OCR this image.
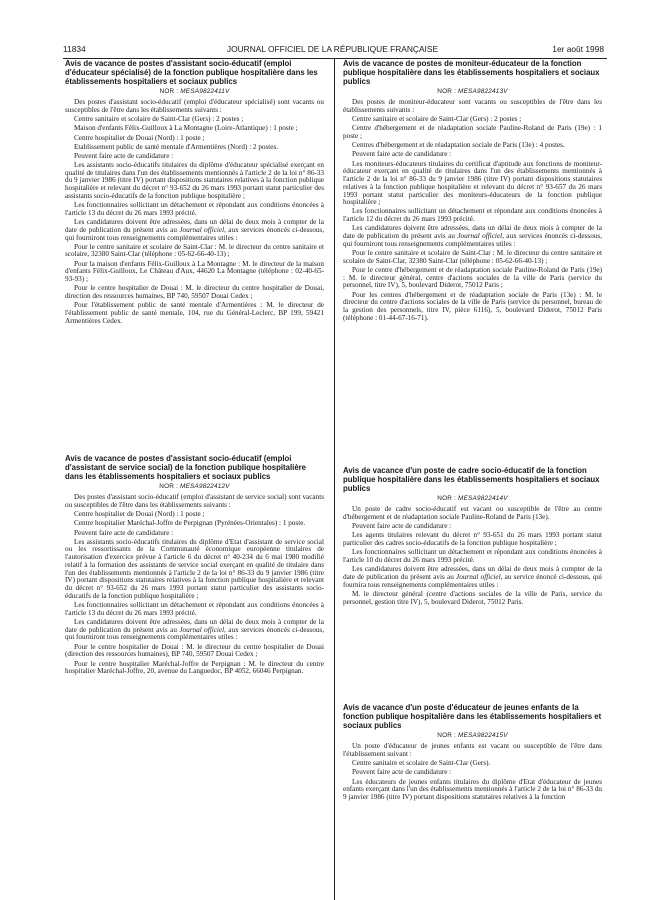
11834	JOURNAL OFFICIEL DE LA RÉPUBLIQUE FRANÇAISE	1er août 1998

Avis de vacance de postes d'assistant socio-éducatif (emploi d'éducateur spécialisé) de la fonction publique hospitalière dans les établissements hospitaliers et sociaux publics

NOR : MESA9822411V

Des postes d'assistant socio-éducatif (emploi d'éducateur spécialisé) sont vacants ou susceptibles de l'être dans les établissements suivants :

Centre sanitaire et scolaire de Saint-Clar (Gers) : 2 postes ;

Maison d'enfants Félix-Guilloux à La Montagne (Loire-Atlantique) : 1 poste ;

Centre hospitalier de Douai (Nord) : 1 poste ;

Etablissement public de santé mentale d'Armentières (Nord) : 2 postes.

Peuvent faire acte de candidature :

Les assistants socio-éducatifs titulaires du diplôme d'éducateur spécialisé exerçant en qualité de titulaires dans l'un des établissements mentionnés à l'article 2 de la loi n° 86-33 du 9 janvier 1986 (titre IV) portant dispositions statutaires relatives à la fonction publique hospitalière et relevant du décret n° 93-652 du 26 mars 1993 portant statut particulier des assistants socio-éducatifs de la fonction publique hospitalière ;

Les fonctionnaires sollicitant un détachement et répondant aux conditions énoncées à l'article 13 du décret du 26 mars 1993 précité.

Les candidatures doivent être adressées, dans un délai de deux mois à compter de la date de publication du présent avis au Journal officiel, aux services énoncés ci-dessous, qui fourniront tous renseignements complémentaires utiles :

Pour le centre sanitaire et scolaire de Saint-Clar : M. le directeur du centre sanitaire et scolaire, 32380 Saint-Clar (téléphone : 05-62-66-40-13) ;

Pour la maison d'enfants Félix-Guilloux à La Montagne : M. le directeur de la maison d'enfants Félix-Guilloux, Le Château d'Aux, 44620 La Montagne (téléphone : 02-40-65-93-93) ;

Pour le centre hospitalier de Douai : M. le directeur du centre hospitalier de Douai, direction des ressources humaines, BP 740, 59507 Douai Cedex ;

Pour l'établissement public de santé mentale d'Armentières : M. le directeur de l'établissement public de santé mentale, 104, rue du Général-Leclerc, BP 199, 59421 Armentières Cedex.

Avis de vacance de postes d'assistant socio-éducatif (emploi d'assistant de service social) de la fonction publique hospitalière dans les établissements hospitaliers et sociaux publics

NOR : MESA9822412V

Des postes d'assistant socio-éducatif (emploi d'assistant de service social) sont vacants ou susceptibles de l'être dans les établissements suivants :

Centre hospitalier de Douai (Nord) : 1 poste ;

Centre hospitalier Maréchal-Joffre de Perpignan (Pyrénées-Orientales) : 1 poste.

Peuvent faire acte de candidature :

Les assistants socio-éducatifs titulaires du diplôme d'Etat d'assistant de service social ou les ressortissants de la Communauté économique européenne titulaires de l'autorisation d'exercice prévue à l'article 6 du décret n° 40-234 du 6 mai 1980 modifié relatif à la formation des assistants de service social exerçant en qualité de titulaire dans l'un des établissements mentionnés à l'article 2 de la loi n° 86-33 du 9 janvier 1986 (titre IV) portant dispositions statutaires relatives à la fonction publique hospitalière et relevant du décret n° 93-652 du 26 mars 1993 portant statut particulier des assistants socio-éducatifs de la fonction publique hospitalière ;

Les fonctionnaires sollicitant un détachement et répondant aux conditions énoncées à l'article 13 du décret du 26 mars 1993 précité.

Les candidatures doivent être adressées, dans un délai de deux mois à compter de la date de publication du présent avis au Journal officiel, aux services énoncés ci-dessous, qui fourniront tous renseignements complémentaires utiles :

Pour le centre hospitalier de Douai : M. le directeur du centre hospitalier de Douai (direction des ressources humaines), BP 740, 59507 Douai Cedex ;

Pour le centre hospitalier Maréchal-Joffre de Perpignan : M. le directeur du centre hospitalier Maréchal-Joffre, 20, avenue du Languedoc, BP 4052, 66046 Perpignan.

Avis de vacance de postes de moniteur-éducateur de la fonction publique hospitalière dans les établissements hospitaliers et sociaux publics

NOR : MESA9822413V

Des postes de moniteur-éducateur sont vacants ou susceptibles de l'être dans les établissements suivants :

Centre sanitaire et scolaire de Saint-Clar (Gers) : 2 postes ;

Centre d'hébergement et de réadaptation sociale Pauline-Roland de Paris (19e) : 1 poste ;

Centres d'hébergement et de réadaptation sociale de Paris (13e) : 4 postes.

Peuvent faire acte de candidature :

Les moniteurs-éducateurs titulaires du certificat d'aptitude aux fonctions de moniteur-éducateur exerçant en qualité de titulaires dans l'un des établissements mentionnés à l'article 2 de la loi n° 86-33 du 9 janvier 1986 (titre IV) portant dispositions statutaires relatives à la fonction publique hospitalière et relevant du décret n° 93-657 du 26 mars 1993 portant statut particulier des moniteurs-éducateurs de la fonction publique hospitalière ;

Les fonctionnaires sollicitant un détachement et répondant aux conditions énoncées à l'article 12 du décret du 26 mars 1993 précité.

Les candidatures doivent être adressées, dans un délai de deux mois à compter de la date de publication du présent avis au Journal officiel, aux services énoncés ci-dessous, qui fourniront tous renseignements complémentaires utiles :

Pour le centre sanitaire et scolaire de Saint-Clar : M. le directeur du centre sanitaire et scolaire de Saint-Clar, 32380 Saint-Clar (téléphone : 05-62-66-40-13) ;

Pour le centre d'hébergement et de réadaptation sociale Pauline-Roland de Paris (19e) : M. le directeur général, centre d'actions sociales de la ville de Paris (service du personnel, titre IV), 5, boulevard Diderot, 75012 Paris ;

Pour les centres d'hébergement et de réadaptation sociale de Paris (13e) : M. le directeur du centre d'actions sociales de la ville de Paris (service du personnel, bureau de la gestion des personnels, titre IV, pièce 6116), 5, boulevard Diderot, 75012 Paris (téléphone : 01-44-67-16-71).

Avis de vacance d'un poste de cadre socio-éducatif de la fonction publique hospitalière dans les établissements hospitaliers et sociaux publics

NOR : MESA9822414V

Un poste de cadre socio-éducatif est vacant ou susceptible de l'être au centre d'hébergement et de réadaptation sociale Pauline-Roland de Paris (13e).

Peuvent faire acte de candidature :

Les agents titulaires relevant du décret n° 93-651 du 26 mars 1993 portant statut particulier des cadres socio-éducatifs de la fonction publique hospitalière ;

Les fonctionnaires sollicitant un détachement et répondant aux conditions énoncées à l'article 10 du décret du 26 mars 1993 précité.

Les candidatures doivent être adressées, dans un délai de deux mois à compter de la date de publication du présent avis au Journal officiel, au service énoncé ci-dessous, qui fournira tous renseignements complémentaires utiles :

M. le directeur général (centre d'actions sociales de la ville de Paris, service du personnel, gestion titre IV), 5, boulevard Diderot, 75012 Paris.

Avis de vacance d'un poste d'éducateur de jeunes enfants de la fonction publique hospitalière dans les établissements hospitaliers et sociaux publics

NOR : MESA9822415V

Un poste d'éducateur de jeunes enfants est vacant ou susceptible de l'être dans l'établissement suivant :

Centre sanitaire et scolaire de Saint-Clar (Gers).

Peuvent faire acte de candidature :

Les éducateurs de jeunes enfants titulaires du diplôme d'Etat d'éducateur de jeunes enfants exerçant dans l'un des établissements mentionnés à l'article 2 de la loi n° 86-33 du 9 janvier 1986 (titre IV) portant dispositions statutaires relatives à la fonction
